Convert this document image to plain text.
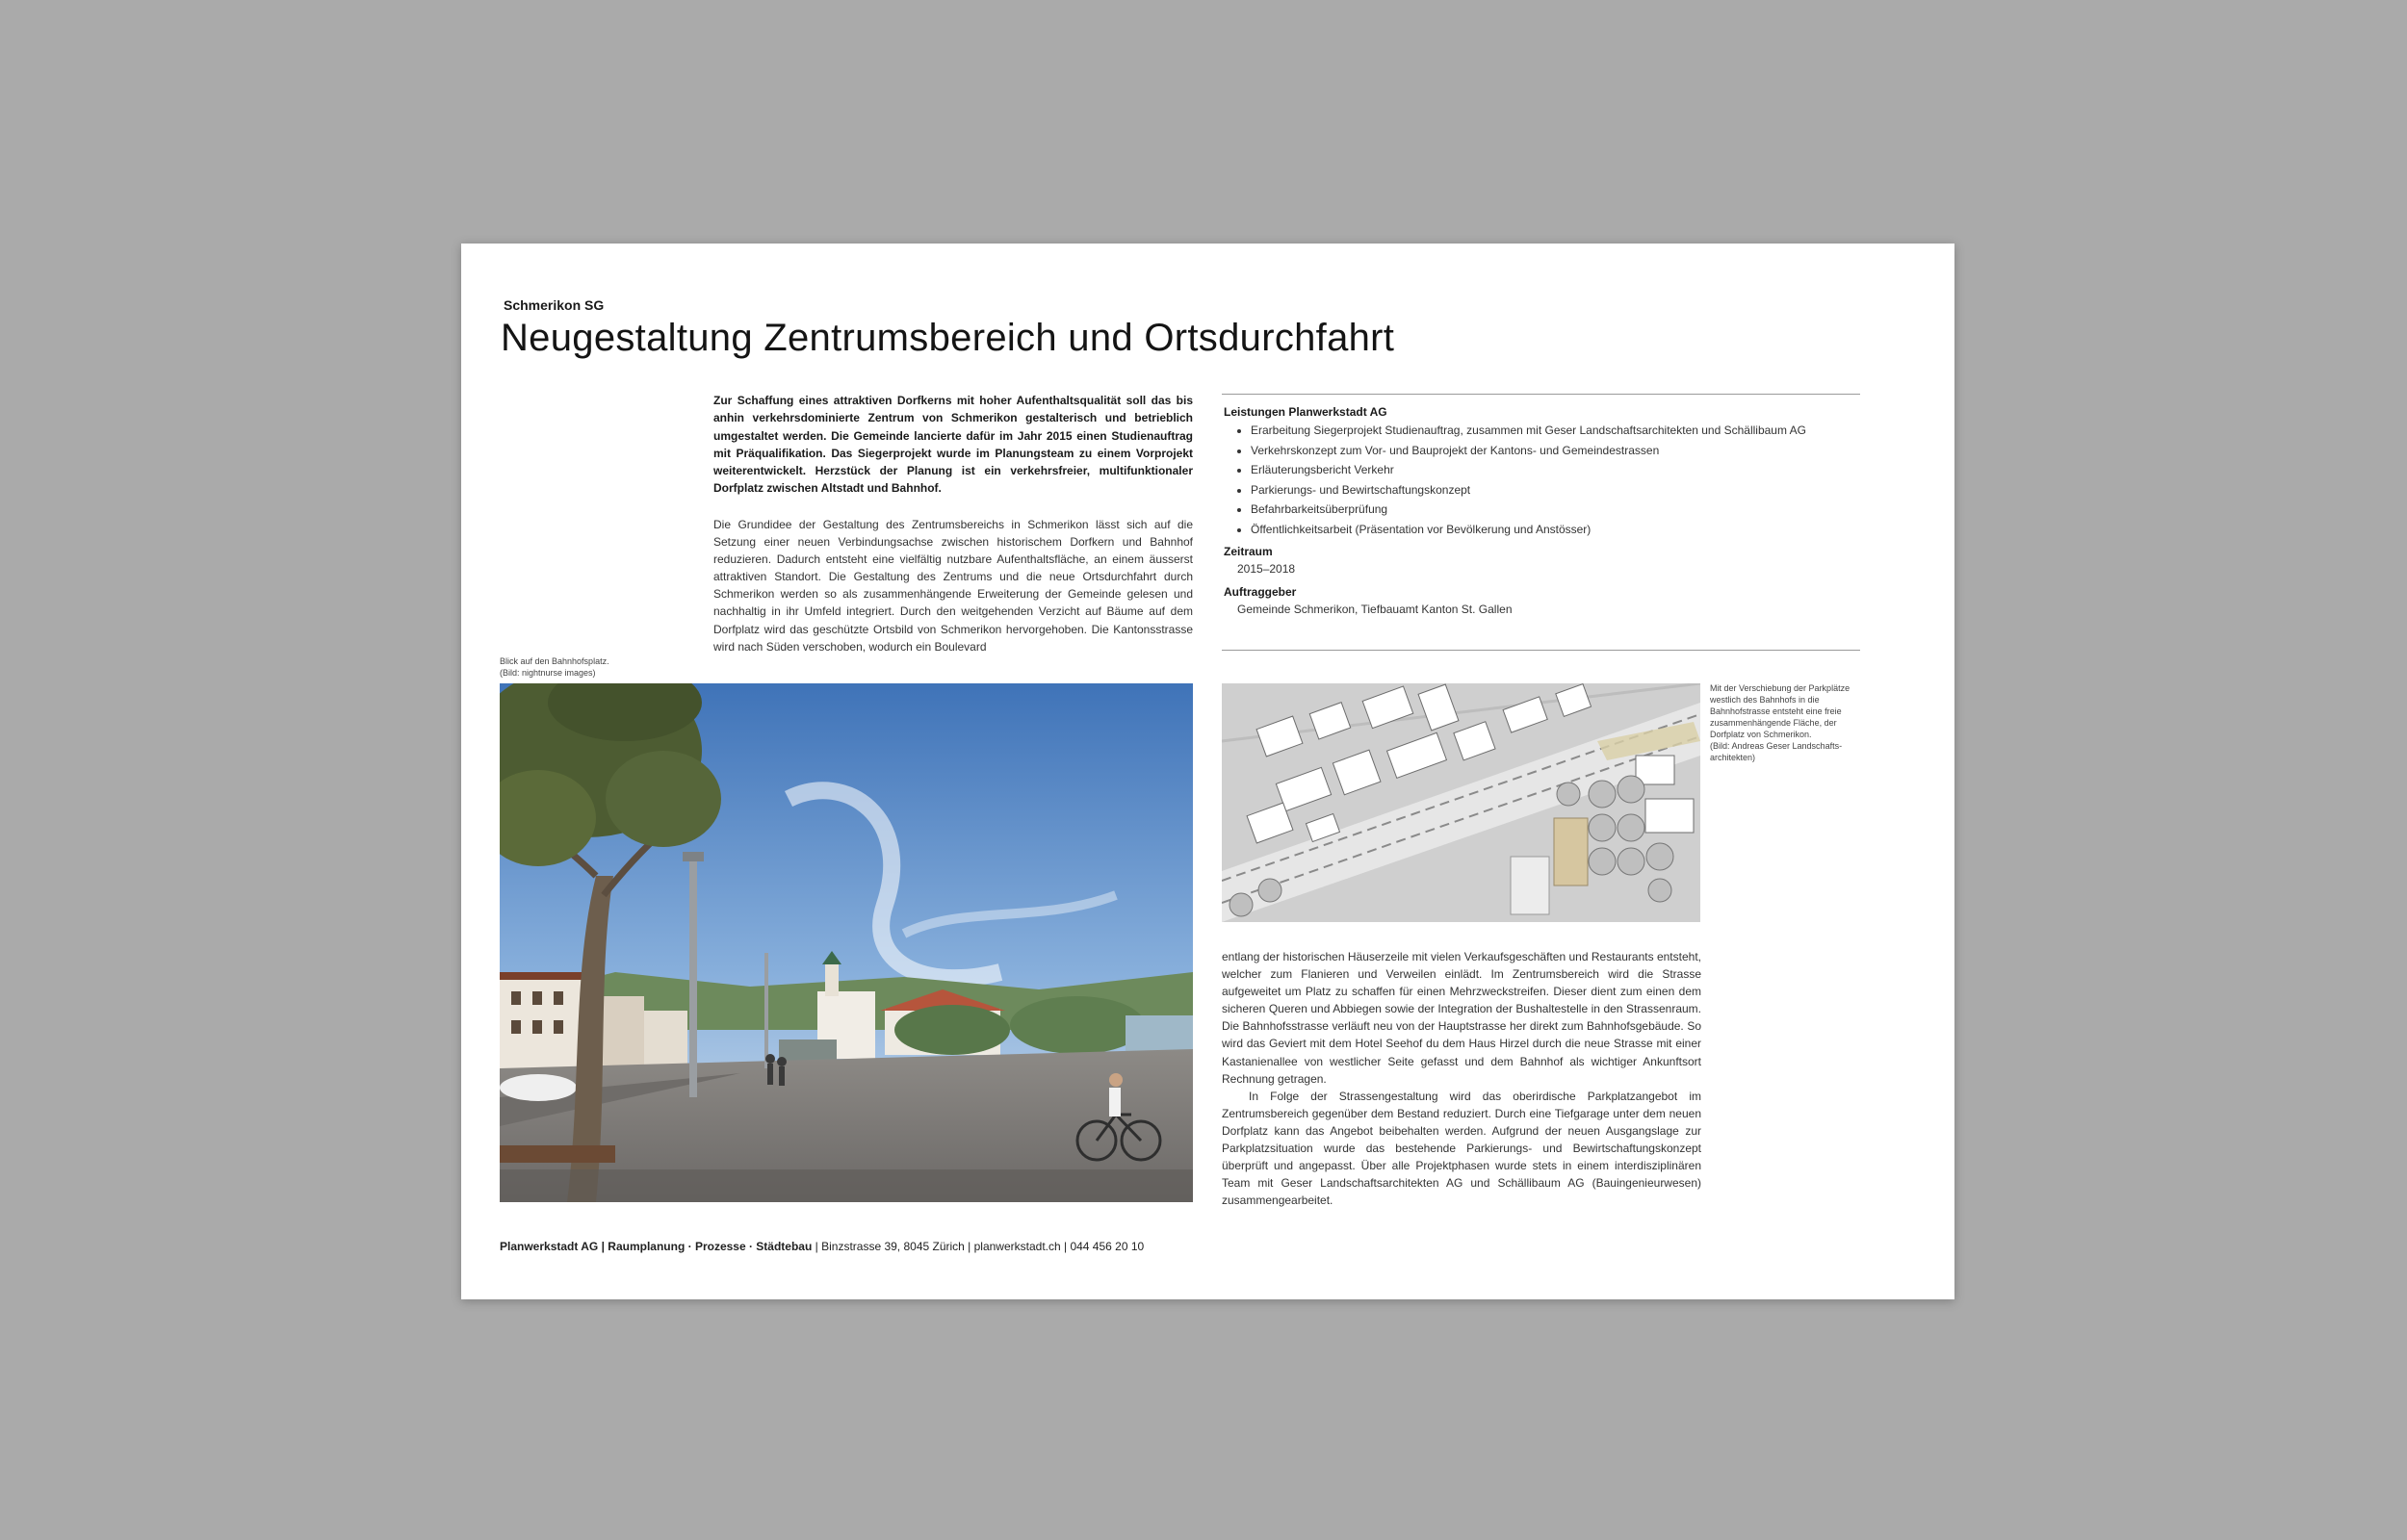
Schmerikon SG
Neugestaltung Zentrumsbereich und Ortsdurchfahrt

Zur Schaffung eines attraktiven Dorfkerns mit hoher Aufenthaltsqualität soll das bis anhin verkehrsdominierte Zentrum von Schmerikon gestalterisch und betrieblich umgestaltet werden. Die Gemeinde lancierte dafür im Jahr 2015 einen Studienauftrag mit Präqualifikation. Das Siegerprojekt wurde im Planungsteam zu einem Vorprojekt weiterentwickelt. Herzstück der Planung ist ein verkehrsfreier, multifunktionaler Dorfplatz zwischen Altstadt und Bahnhof.

Die Grundidee der Gestaltung des Zentrumsbereichs in Schmerikon lässt sich auf die Setzung einer neuen Verbindungsachse zwischen historischem Dorfkern und Bahnhof reduzieren. Dadurch entsteht eine vielfältig nutzbare Aufenthaltsfläche, an einem äusserst attraktiven Standort. Die Gestaltung des Zentrums und die neue Ortsdurchfahrt durch Schmerikon werden so als zusammenhängende Erweiterung der Gemeinde gelesen und nachhaltig in ihr Umfeld integriert. Durch den weitgehenden Verzicht auf Bäume auf dem Dorfplatz wird das geschützte Ortsbild von Schmerikon hervorgehoben. Die Kantonsstrasse wird nach Süden verschoben, wodurch ein Boulevard

Leistungen Planwerkstadt AG
• Erarbeitung Siegerprojekt Studienauftrag, zusammen mit Geser Landschaftsarchitekten und Schällibaum AG
• Verkehrskonzept zum Vor- und Bauprojekt der Kantons- und Gemeindestrassen
• Erläuterungsbericht Verkehr
• Parkierungs- und Bewirtschaftungskonzept
• Befahrbarkeitsüberprüfung
• Öffentlichkeitsarbeit (Präsentation vor Bevölkerung und Anstösser)
Zeitraum
2015–2018
Auftraggeber
Gemeinde Schmerikon, Tiefbauamt Kanton St. Gallen
Blick auf den Bahnhofsplatz.
(Bild: nightnurse images)
Mit der Verschiebung der Parkplätze
westlich des Bahnhofs in die
Bahnhofstrasse entsteht eine freie
zusammenhängende Fläche, der
Dorfplatz von Schmerikon.
(Bild: Andreas Geser Landschafts-
architekten)
entlang der historischen Häuserzeile mit vielen Verkaufsgeschäften und Restaurants entsteht, welcher zum Flanieren und Verweilen einlädt. Im Zentrumsbereich wird die Strasse aufgeweitet um Platz zu schaffen für einen Mehrzweckstreifen. Dieser dient zum einen dem sicheren Queren und Abbiegen sowie der Integration der Bushaltestelle in den Strassenraum. Die Bahnhofsstrasse verläuft neu von der Hauptstrasse her direkt zum Bahnhofsgebäude. So wird das Geviert mit dem Hotel Seehof du dem Haus Hirzel durch die neue Strasse mit einer Kastanienallee von westlicher Seite gefasst und dem Bahnhof als wichtiger Ankunftsort Rechnung getragen.
In Folge der Strassengestaltung wird das oberirdische Parkplatzangebot im Zentrumsbereich gegenüber dem Bestand reduziert. Durch eine Tiefgarage unter dem neuen Dorfplatz kann das Angebot beibehalten werden. Aufgrund der neuen Ausgangslage zur Parkplatzsituation wurde das bestehende Parkierungs- und Bewirtschaftungskonzept überprüft und angepasst. Über alle Projektphasen wurde stets in einem interdisziplinären Team mit Geser Landschaftsarchitekten AG und Schällibaum AG (Bauingenieurwesen) zusammengearbeitet.
Planwerkstadt AG | Raumplanung · Prozesse · Städtebau | Binzstrasse 39, 8045 Zürich | planwerkstadt.ch | 044 456 20 10
